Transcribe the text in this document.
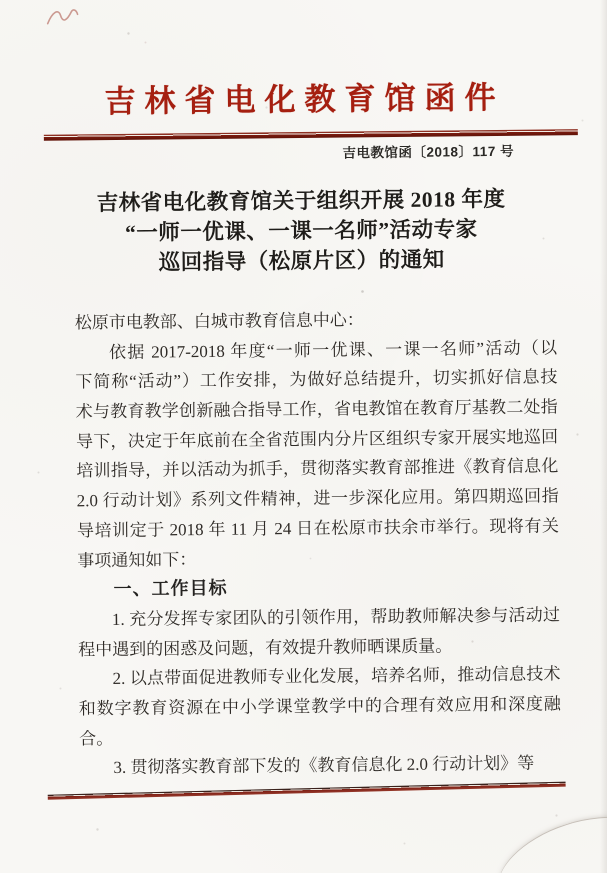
吉林省电化教育馆函件
吉电教馆函〔2018〕117 号
吉林省电化教育馆关于组织开展 2018 年度
“一师一优课、一课一名师”活动专家
巡回指导（松原片区）的通知
松原市电教部、白城市教育信息中心：
依据 2017-2018 年度“一师一优课、一课一名师”活动（以
下简称“活动”）工作安排，为做好总结提升，切实抓好信息技
术与教育教学创新融合指导工作，省电教馆在教育厅基教二处指
导下，决定于年底前在全省范围内分片区组织专家开展实地巡回
培训指导，并以活动为抓手，贯彻落实教育部推进《教育信息化
2.0 行动计划》系列文件精神，进一步深化应用。第四期巡回指
导培训定于 2018 年 11 月 24 日在松原市扶余市举行。现将有关
事项通知如下：
一、工作目标
1. 充分发挥专家团队的引领作用，帮助教师解决参与活动过
程中遇到的困惑及问题，有效提升教师晒课质量。
2. 以点带面促进教师专业化发展，培养名师，推动信息技术
和数字教育资源在中小学课堂教学中的合理有效应用和深度融
合。
3. 贯彻落实教育部下发的《教育信息化 2.0 行动计划》等
